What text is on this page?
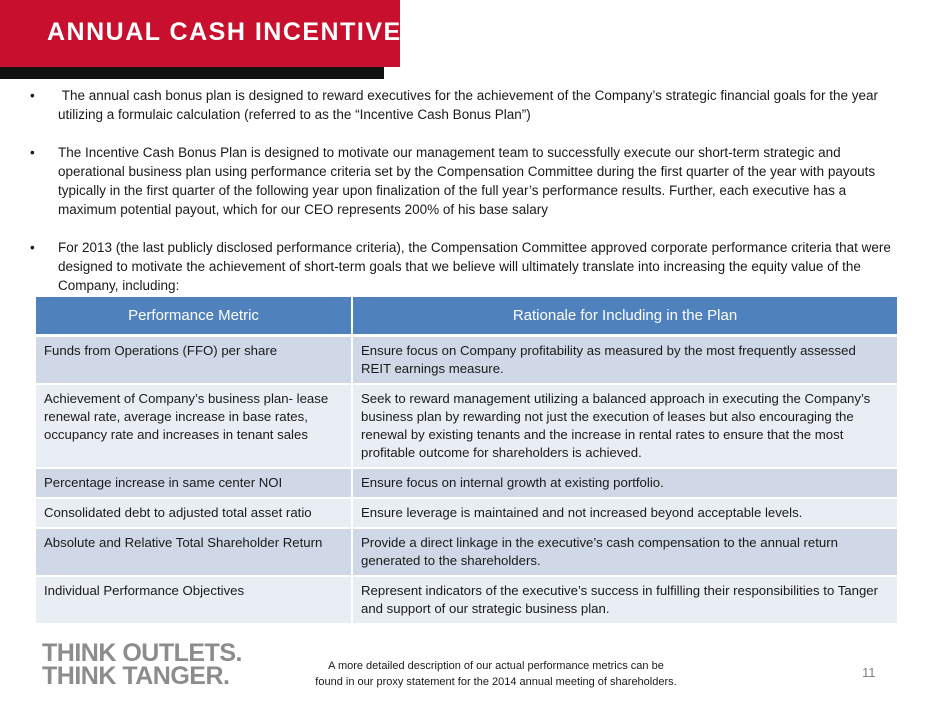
ANNUAL CASH INCENTIVES
• The annual cash bonus plan is designed to reward executives for the achievement of the Company’s strategic financial goals for the year utilizing a formulaic calculation (referred to as the “Incentive Cash Bonus Plan”)
• The Incentive Cash Bonus Plan is designed to motivate our management team to successfully execute our short-term strategic and operational business plan using performance criteria set by the Compensation Committee during the first quarter of the year with payouts typically in the first quarter of the following year upon finalization of the full year’s performance results. Further, each executive has a maximum potential payout, which for our CEO represents 200% of his base salary
• For 2013 (the last publicly disclosed performance criteria), the Compensation Committee approved corporate performance criteria that were designed to motivate the achievement of short-term goals that we believe will ultimately translate into increasing the equity value of the Company, including:
Performance Metric	Rationale for Including in the Plan
Funds from Operations (FFO) per share	Ensure focus on Company profitability as measured by the most frequently assessed REIT earnings measure.
Achievement of Company’s business plan- lease renewal rate, average increase in base rates, occupancy rate and increases in tenant sales	Seek to reward management utilizing a balanced approach in executing the Company’s business plan by rewarding not just the execution of leases but also encouraging the renewal by existing tenants and the increase in rental rates to ensure that the most profitable outcome for shareholders is achieved.
Percentage increase in same center NOI	Ensure focus on internal growth at existing portfolio.
Consolidated debt to adjusted total asset ratio	Ensure leverage is maintained and not increased beyond acceptable levels.
Absolute and Relative Total Shareholder Return	Provide a direct linkage in the executive’s cash compensation to the annual return generated to the shareholders.
Individual Performance Objectives	Represent indicators of the executive’s success in fulfilling their responsibilities to Tanger and support of our strategic business plan.
THINK OUTLETS.
THINK TANGER.	A more detailed description of our actual performance metrics can be
found in our proxy statement for the 2014 annual meeting of shareholders.
11
